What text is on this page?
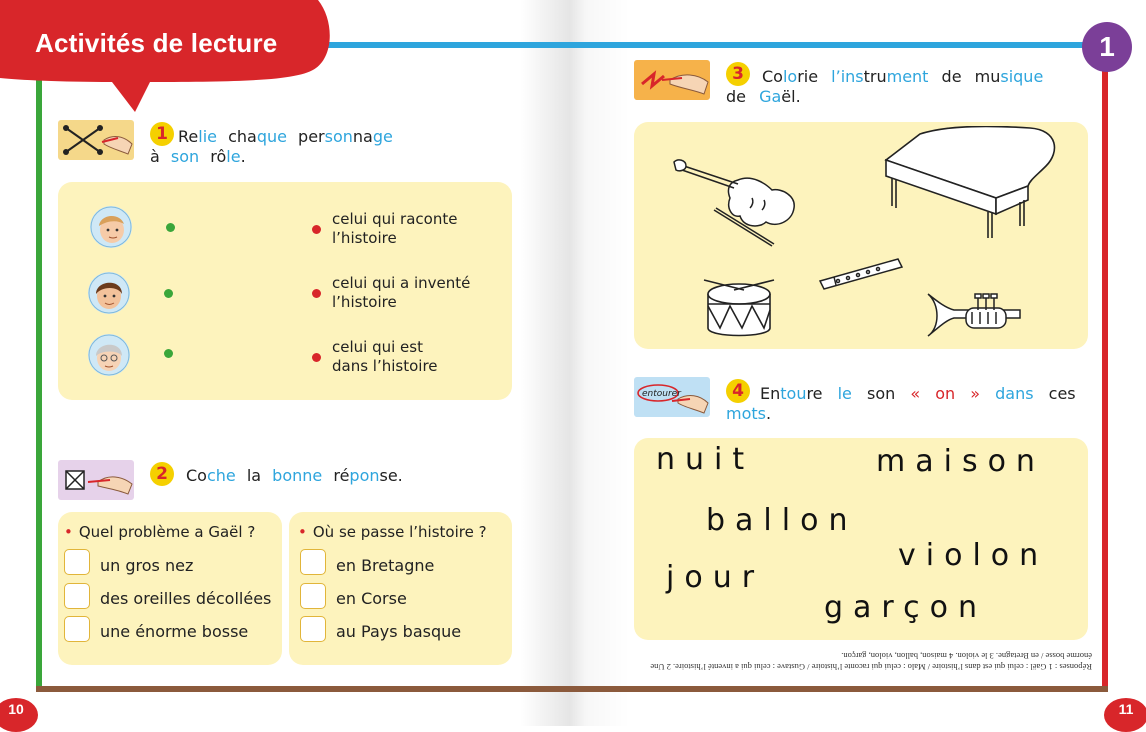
Activités de lecture	1
1 Relie chaque personnage
à son rôle.
celui qui raconte
l’histoire
celui qui a inventé
l’histoire
celui qui est
dans l’histoire
2	Coche la bonne réponse.
• Quel problème a Gaël ?
un gros nez
des oreilles décollées
une énorme bosse
• Où se passe l’histoire ?
en Bretagne
en Corse
au Pays basque
3	Colorie l’instrument de musique
de Gaël.
entourer	4	Entoure le son « on » dans ces
mots.
nuit	maison
ballon
violon
jour
garçon
Réponses : 1 Gaël : celui qui est dans l’histoire / Malo : celui qui raconte l’histoire / Gustave : celui qui a inventé l’histoire. 2 Une énorme bosse / en Bretagne. 3 le violon. 4 maison, ballon, violon, garçon.
10	11
